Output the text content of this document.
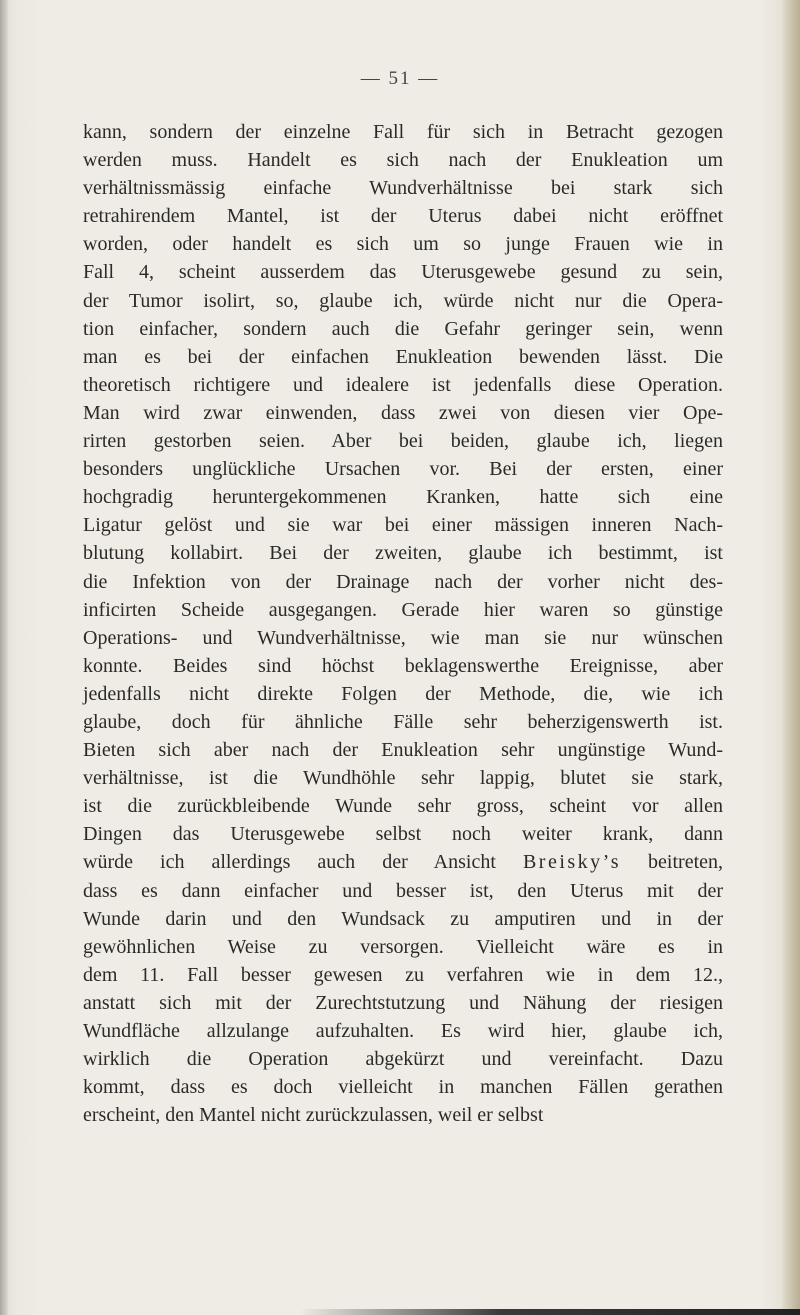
— 51 —
kann, sondern der einzelne Fall für sich in Betracht gezogen
werden muss. Handelt es sich nach der Enukleation um
verhältnissmässig einfache Wundverhältnisse bei stark sich
retrahirendem Mantel, ist der Uterus dabei nicht eröffnet
worden, oder handelt es sich um so junge Frauen wie in
Fall 4, scheint ausserdem das Uterusgewebe gesund zu sein,
der Tumor isolirt, so, glaube ich, würde nicht nur die Opera-
tion einfacher, sondern auch die Gefahr geringer sein, wenn
man es bei der einfachen Enukleation bewenden lässt. Die
theoretisch richtigere und idealere ist jedenfalls diese Operation.
Man wird zwar einwenden, dass zwei von diesen vier Ope-
rirten gestorben seien. Aber bei beiden, glaube ich, liegen
besonders unglückliche Ursachen vor. Bei der ersten, einer
hochgradig heruntergekommenen Kranken, hatte sich eine
Ligatur gelöst und sie war bei einer mässigen inneren Nach-
blutung kollabirt. Bei der zweiten, glaube ich bestimmt, ist
die Infektion von der Drainage nach der vorher nicht des-
inficirten Scheide ausgegangen. Gerade hier waren so günstige
Operations- und Wundverhältnisse, wie man sie nur wünschen
konnte. Beides sind höchst beklagenswerthe Ereignisse, aber
jedenfalls nicht direkte Folgen der Methode, die, wie ich
glaube, doch für ähnliche Fälle sehr beherzigenswerth ist.
Bieten sich aber nach der Enukleation sehr ungünstige Wund-
verhältnisse, ist die Wundhöhle sehr lappig, blutet sie stark,
ist die zurückbleibende Wunde sehr gross, scheint vor allen
Dingen das Uterusgewebe selbst noch weiter krank, dann
würde ich allerdings auch der Ansicht Breisky’s beitreten,
dass es dann einfacher und besser ist, den Uterus mit der
Wunde darin und den Wundsack zu amputiren und in der
gewöhnlichen Weise zu versorgen. Vielleicht wäre es in
dem 11. Fall besser gewesen zu verfahren wie in dem 12.,
anstatt sich mit der Zurechtstutzung und Nähung der riesigen
Wundfläche allzulange aufzuhalten. Es wird hier, glaube ich,
wirklich die Operation abgekürzt und vereinfacht. Dazu
kommt, dass es doch vielleicht in manchen Fällen gerathen
erscheint, den Mantel nicht zurückzulassen, weil er selbst
